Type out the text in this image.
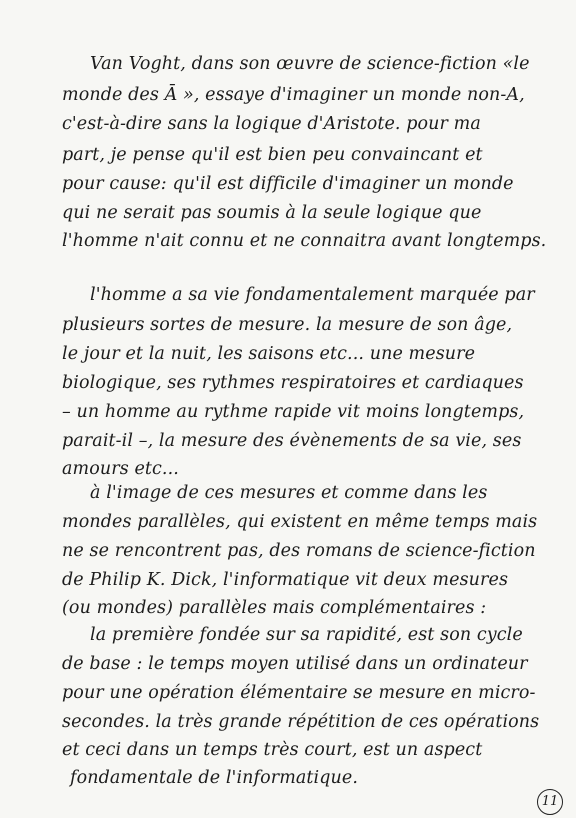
Van Voght, dans son œuvre de science-fiction «le
monde des Ā », essaye d'imaginer un monde non-A,
c'est-à-dire sans la logique d'Aristote. pour ma
part, je pense qu'il est bien peu convaincant et
pour cause: qu'il est difficile d'imaginer un monde
qui ne serait pas soumis à la seule logique que
l'homme n'ait connu et ne connaitra avant longtemps.
l'homme a sa vie fondamentalement marquée par
plusieurs sortes de mesure. la mesure de son âge,
le jour et la nuit, les saisons etc... une mesure
biologique, ses rythmes respiratoires et cardiaques
– un homme au rythme rapide vit moins longtemps,
parait-il –, la mesure des évènements de sa vie, ses
amours etc...
à l'image de ces mesures et comme dans les
mondes parallèles, qui existent en même temps mais
ne se rencontrent pas, des romans de science-fiction
de Philip K. Dick, l'informatique vit deux mesures
(ou mondes) parallèles mais complémentaires :
la première fondée sur sa rapidité, est son cycle
de base : le temps moyen utilisé dans un ordinateur
pour une opération élémentaire se mesure en micro-
secondes. la très grande répétition de ces opérations
et ceci dans un temps très court, est un aspect
fondamentale de l'informatique.
11
